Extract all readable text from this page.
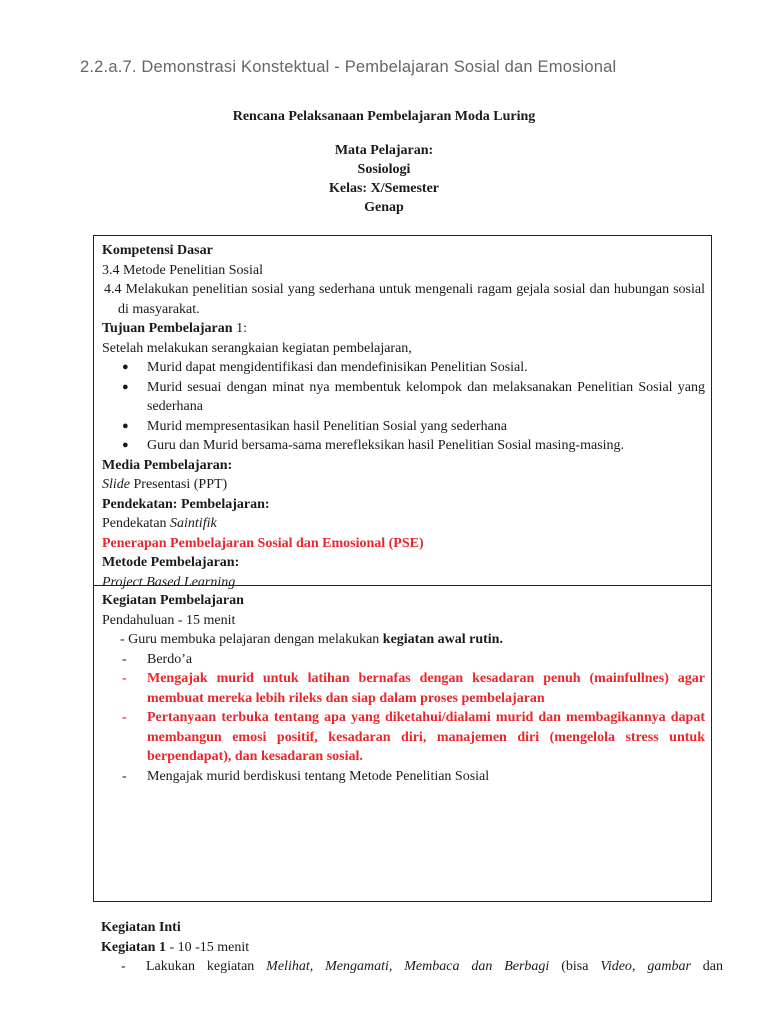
2.2.a.7. Demonstrasi Konstektual - Pembelajaran Sosial dan Emosional
Rencana Pelaksanaan Pembelajaran Moda Luring
Mata Pelajaran:
Sosiologi
Kelas: X/Semester
Genap
Kompetensi Dasar
3.4 Metode Penelitian Sosial
4.4 Melakukan penelitian sosial yang sederhana untuk mengenali ragam gejala sosial dan hubungan sosial di masyarakat.
Tujuan Pembelajaran 1:
Setelah melakukan serangkaian kegiatan pembelajaran,
●	Murid dapat mengidentifikasi dan mendefinisikan Penelitian Sosial.
●	Murid sesuai dengan minat nya membentuk kelompok dan melaksanakan Penelitian Sosial yang sederhana
●	Murid mempresentasikan hasil Penelitian Sosial yang sederhana
●	Guru dan Murid bersama-sama merefleksikan hasil Penelitian Sosial masing-masing.
Media Pembelajaran:
Slide Presentasi (PPT)
Pendekatan: Pembelajaran:
Pendekatan Saintifik
Penerapan Pembelajaran Sosial dan Emosional (PSE)
Metode Pembelajaran:
Project Based Learning
Kegiatan Pembelajaran
Pendahuluan - 15 menit
- Guru membuka pelajaran dengan melakukan kegiatan awal rutin.
-	Berdo’a
-	Mengajak murid untuk latihan bernafas dengan kesadaran penuh (mainfullnes) agar membuat mereka lebih rileks dan siap dalam proses pembelajaran
-	Pertanyaan terbuka tentang apa yang diketahui/dialami murid dan membagikannya dapat membangun emosi positif, kesadaran diri, manajemen diri (mengelola stress untuk berpendapat), dan kesadaran sosial.
-	Mengajak murid berdiskusi tentang Metode Penelitian Sosial
Kegiatan Inti
Kegiatan 1 - 10 -15 menit
-	Lakukan kegiatan Melihat, Mengamati, Membaca dan Berbagi (bisa Video, gambar dan
